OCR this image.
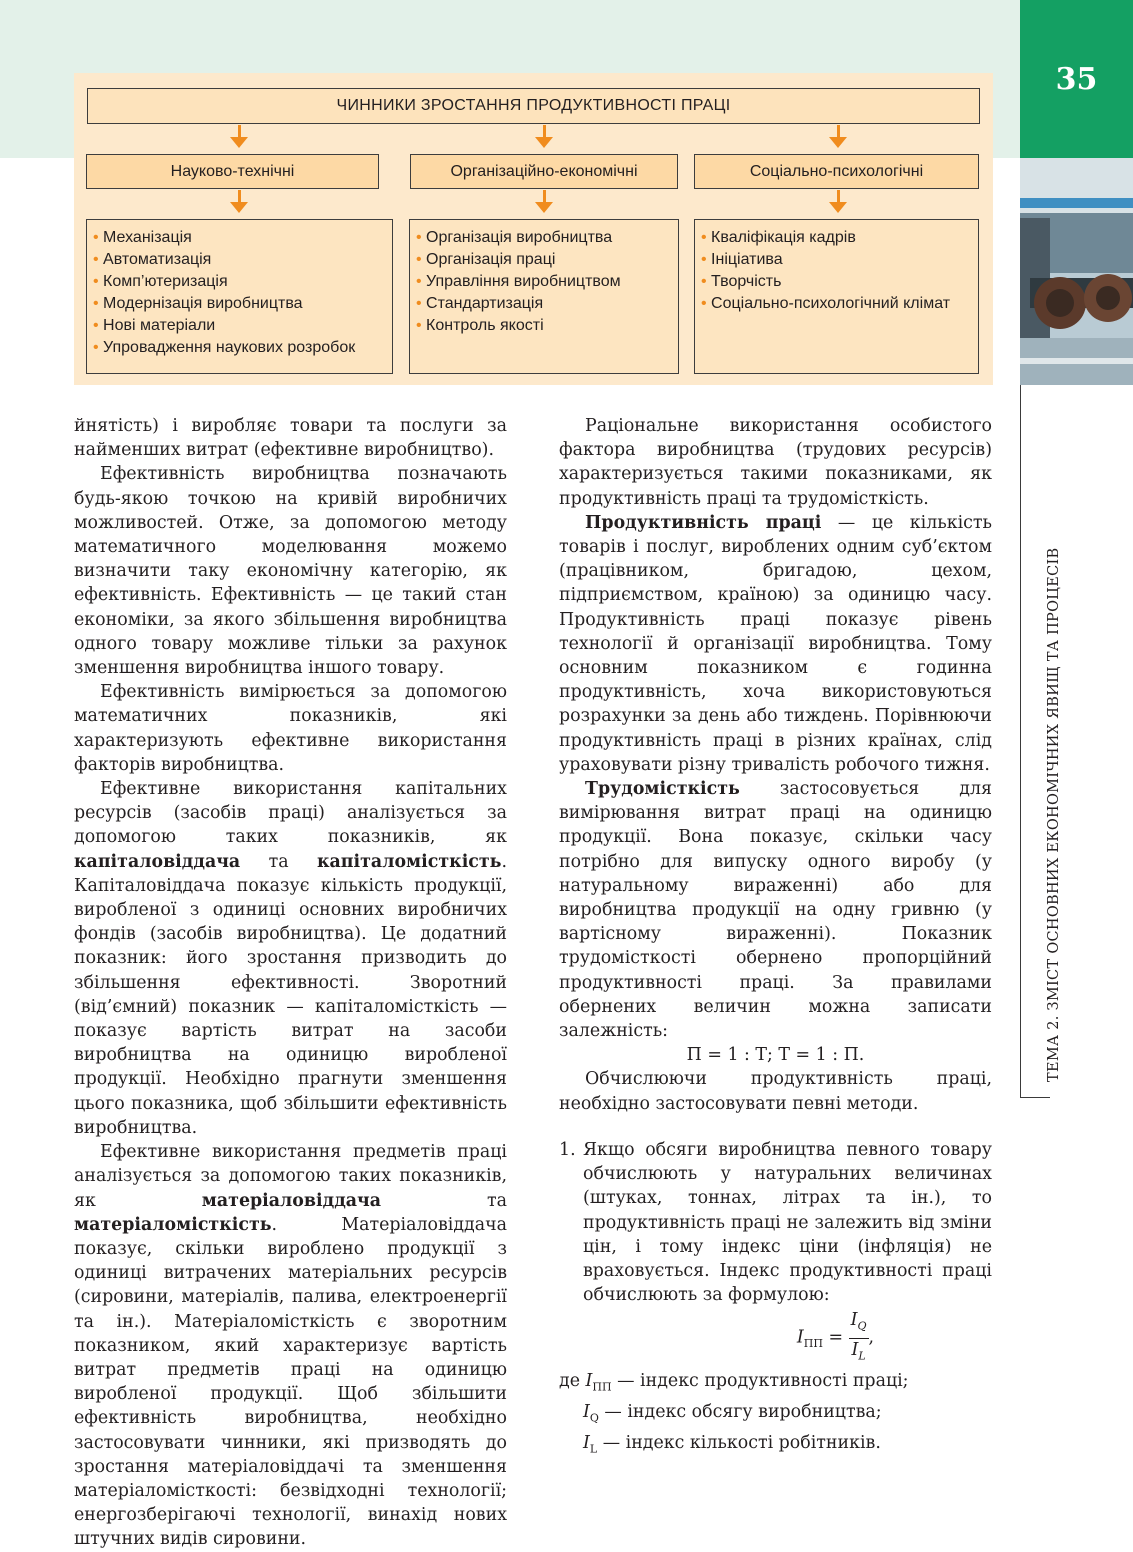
35
ТЕМА 2. ЗМІСТ ОСНОВНИХ ЕКОНОМІЧНИХ ЯВИЩ ТА ПРОЦЕСІВ
ЧИННИКИ ЗРОСТАННЯ ПРОДУКТИВНОСТІ ПРАЦІ
Науково-технічні	Організаційно-економічні	Соціально-психологічні
• Механізація
• Автоматизація
• Комп’ютеризація
• Модернізація виробництва
• Нові матеріали
• Упровадження наукових розробок
• Організація виробництва
• Організація праці
• Управління виробництвом
• Стандартизація
• Контроль якості
• Кваліфікація кадрів
• Ініціатива
• Творчість
• Соціально-психологічний клімат

йнятість) і виробляє товари та послуги за найменших витрат (ефективне виробництво).

Ефективність виробництва позначають будь-якою точкою на кривій виробничих можливостей. Отже, за допомогою методу математичного моделювання можемо визначити таку економічну категорію, як ефективність. Ефективність — це такий стан економіки, за якого збільшення виробництва одного товару можливе тільки за рахунок зменшення виробництва іншого товару.

Ефективність вимірюється за допомогою математичних показників, які характеризують ефективне використання факторів виробництва.

Ефективне використання капітальних ресурсів (засобів праці) аналізується за допомогою таких показників, як капіталовіддача та капіталомісткість. Капіталовіддача показує кількість продукції, виробленої з одиниці основних виробничих фондів (засобів виробництва). Це додатний показник: його зростання призводить до збільшення ефективності. Зворотний (від’ємний) показник — капіталомісткість — показує вартість витрат на засоби виробництва на одиницю виробленої продукції. Необхідно прагнути зменшення цього показника, щоб збільшити ефективність виробництва.

Ефективне використання предметів праці аналізується за допомогою таких показників, як матеріаловіддача та матеріаломісткість. Матеріаловіддача показує, скільки вироблено продукції з одиниці витрачених матеріальних ресурсів (сировини, матеріалів, палива, електроенергії та ін.). Матеріаломісткість є зворотним показником, який характеризує вартість витрат предметів праці на одиницю виробленої продукції. Щоб збільшити ефективність виробництва, необхідно застосовувати чинники, які призводять до зростання матеріаловіддачі та зменшення матеріаломісткості: безвідходні технології; енергозберігаючі технології, винахід нових штучних видів сировини.

Раціональне використання особистого фактора виробництва (трудових ресурсів) характеризується такими показниками, як продуктивність праці та трудомісткість.

Продуктивність праці — це кількість товарів і послуг, вироблених одним суб’єктом (працівником, бригадою, цехом, підприємством, країною) за одиницю часу. Продуктивність праці показує рівень технології й організації виробництва. Тому основним показником є годинна продуктивність, хоча використовуються розрахунки за день або тиждень. Порівнюючи продуктивність праці в різних країнах, слід ураховувати різну тривалість робочого тижня.

Трудомісткість застосовується для вимірювання витрат праці на одиницю продукції. Вона показує, скільки часу потрібно для випуску одного виробу (у натуральному вираженні) або для виробництва продукції на одну гривню (у вартісному вираженні). Показник трудомісткості обернено пропорційний продуктивності праці. За правилами обернених величин можна записати залежність:

П = 1 : Т; Т = 1 : П.

Обчислюючи продуктивність праці, необхідно застосовувати певні методи.

1. Якщо обсяги виробництва певного товару обчислюють у натуральних величинах (штуках, тоннах, літрах та ін.), то продуктивність праці не залежить від зміни цін, і тому індекс ціни (інфляція) не враховується. Індекс продуктивності праці обчислюють за формулою:

$I_{ПП} = \frac{I_Q}{I_L}$ ,

де $I_{ПП}$ — індекс продуктивності праці;

$I_Q$ — індекс обсягу виробництва;

$I_L$ — індекс кількості робітників.
